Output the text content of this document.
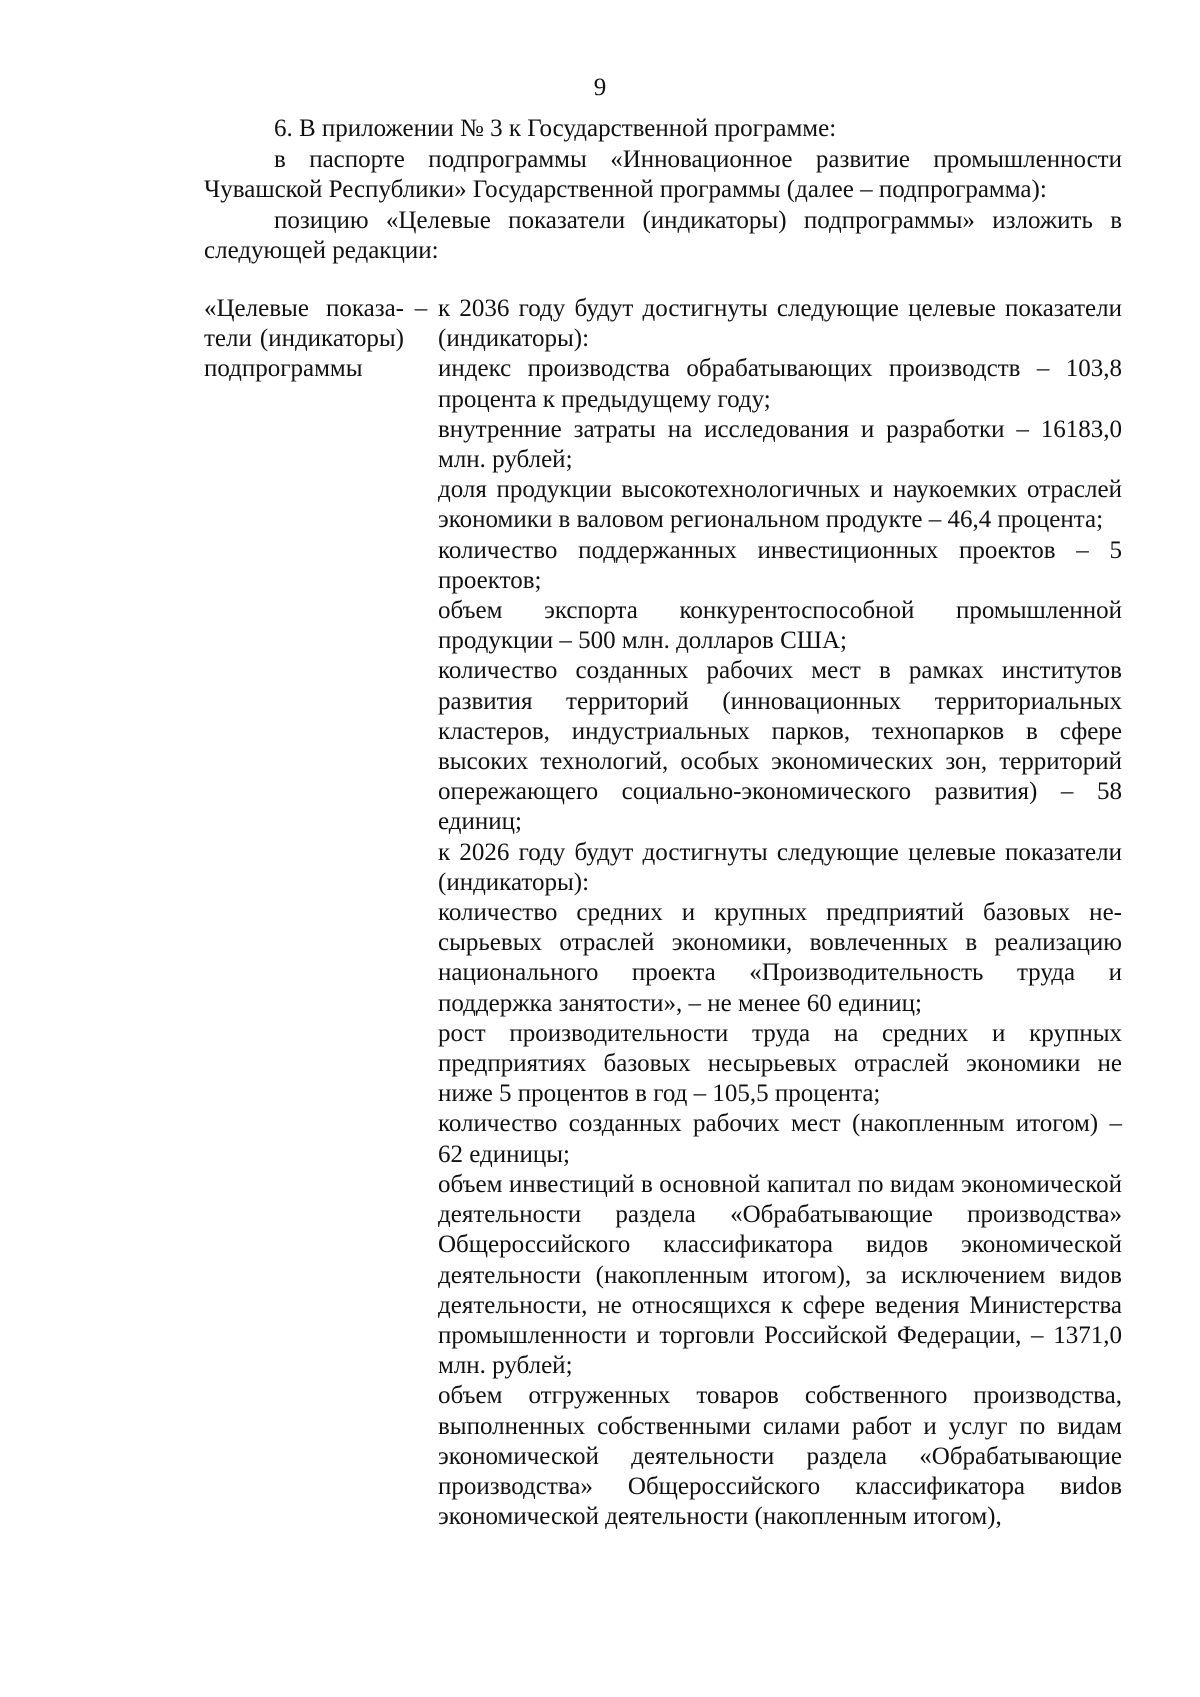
9

6. В приложении № 3 к Государственной программе:

в паспорте подпрограммы «Инновационное развитие промышленности Чувашской Республики» Государственной программы (далее – подпрограмма):

позицию «Целевые показатели (индикаторы) подпрограммы» изложить в следующей редакции:

«Целевые показатели (индикаторы) подпрограммы
– к 2036 году будут достигнуты следующие целевые показатели (индикаторы):

индекс производства обрабатывающих производств – 103,8 процента к предыдущему году;

внутренние затраты на исследования и разработки – 16183,0 млн. рублей;

доля продукции высокотехнологичных и наукоемких отраслей экономики в валовом региональном продукте – 46,4 процента;

количество поддержанных инвестиционных проектов – 5 проектов;

объем экспорта конкурентоспособной промышленной продукции – 500 млн. долларов США;

количество созданных рабочих мест в рамках институтов развития территорий (инновационных территориальных кластеров, индустриальных парков, технопарков в сфере высоких технологий, особых экономических зон, территорий опережающего социально-экономического развития) – 58 единиц;

к 2026 году будут достигнуты следующие целевые показатели (индикаторы):

количество средних и крупных предприятий базовых несырьевых отраслей экономики, вовлеченных в реализацию национального проекта «Производительность труда и поддержка занятости», – не менее 60 единиц;

рост производительности труда на средних и крупных предприятиях базовых несырьевых отраслей экономики не ниже 5 процентов в год – 105,5 процента;

количество созданных рабочих мест (накопленным итогом) – 62 единицы;

объем инвестиций в основной капитал по видам экономической деятельности раздела «Обрабатывающие производства» Общероссийского классификатора видов экономической деятельности (накопленным итогом), за исключением видов деятельности, не относящихся к сфере ведения Министерства промышленности и торговли Российской Федерации, – 1371,0 млн. рублей;

объем отгруженных товаров собственного производства, выполненных собственными силами работ и услуг по видам экономической деятельности раздела «Обрабатывающие производства» Общероссийского классификатора виdов экономической деятельности (накопленным итогом),
